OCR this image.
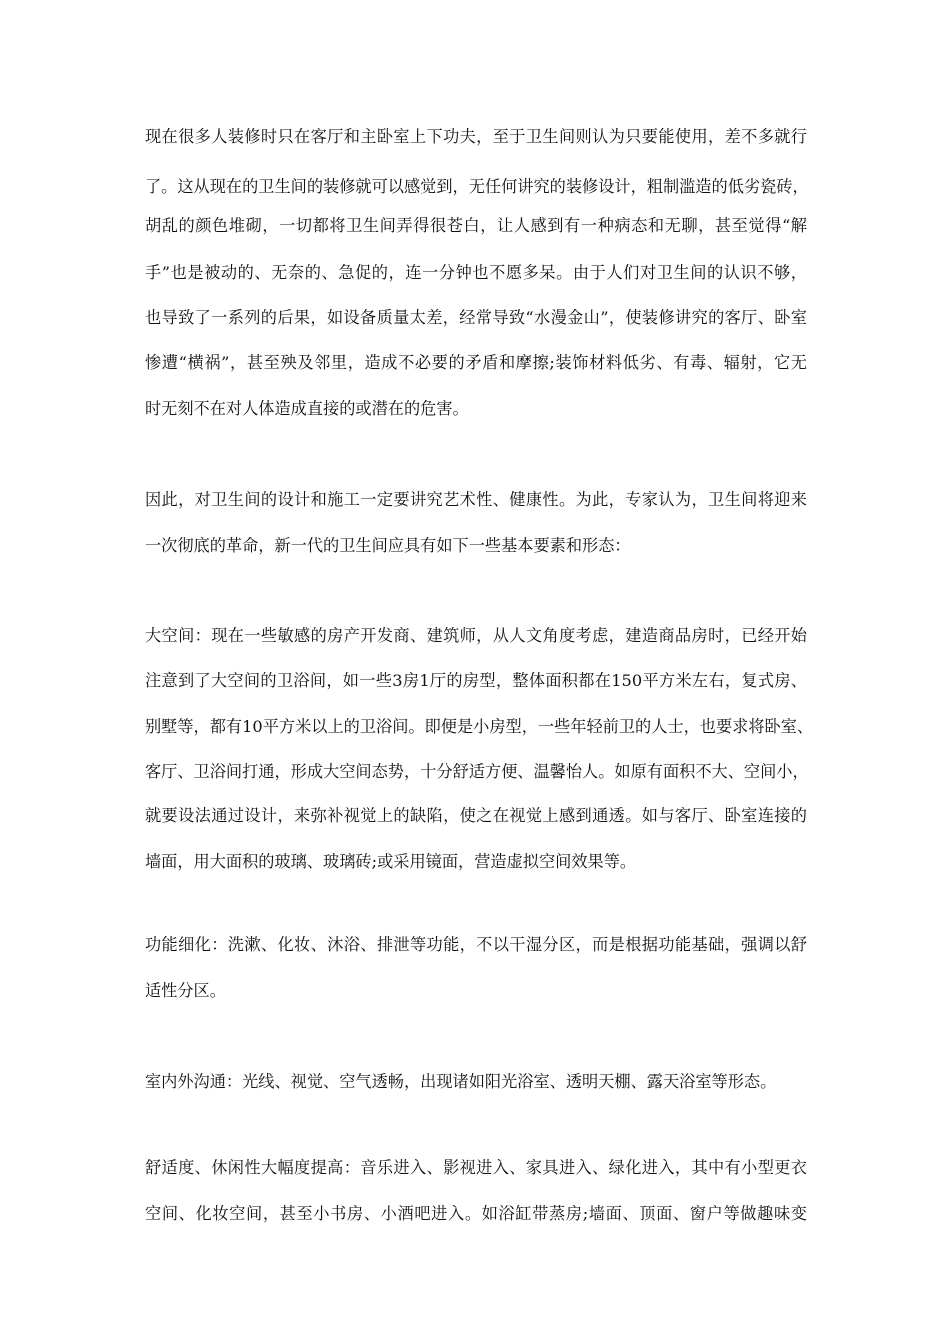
现在很多人装修时只在客厅和主卧室上下功夫，至于卫生间则认为只要能使用，差不多就行

了。这从现在的卫生间的装修就可以感觉到，无任何讲究的装修设计，粗制滥造的低劣瓷砖，

胡乱的颜色堆砌，一切都将卫生间弄得很苍白，让人感到有一种病态和无聊，甚至觉得“解

手”也是被动的、无奈的、急促的，连一分钟也不愿多呆。由于人们对卫生间的认识不够，

也导致了一系列的后果，如设备质量太差，经常导致“水漫金山”，使装修讲究的客厅、卧室

惨遭“横祸”，甚至殃及邻里，造成不必要的矛盾和摩擦;装饰材料低劣、有毒、辐射，它无

时无刻不在对人体造成直接的或潜在的危害。

因此，对卫生间的设计和施工一定要讲究艺术性、健康性。为此，专家认为，卫生间将迎来

一次彻底的革命，新一代的卫生间应具有如下一些基本要素和形态：

大空间：现在一些敏感的房产开发商、建筑师，从人文角度考虑，建造商品房时，已经开始

注意到了大空间的卫浴间，如一些3房1厅的房型，整体面积都在150平方米左右，复式房、

别墅等，都有10平方米以上的卫浴间。即便是小房型，一些年轻前卫的人士，也要求将卧室、

客厅、卫浴间打通，形成大空间态势，十分舒适方便、温馨怡人。如原有面积不大、空间小，

就要设法通过设计，来弥补视觉上的缺陷，使之在视觉上感到通透。如与客厅、卧室连接的

墙面，用大面积的玻璃、玻璃砖;或采用镜面，营造虚拟空间效果等。

功能细化：洗漱、化妆、沐浴、排泄等功能，不以干湿分区，而是根据功能基础，强调以舒

适性分区。

室内外沟通：光线、视觉、空气透畅，出现诸如阳光浴室、透明天棚、露天浴室等形态。

舒适度、休闲性大幅度提高：音乐进入、影视进入、家具进入、绿化进入，其中有小型更衣

空间、化妆空间，甚至小书房、小酒吧进入。如浴缸带蒸房;墙面、顶面、窗户等做趣味变
